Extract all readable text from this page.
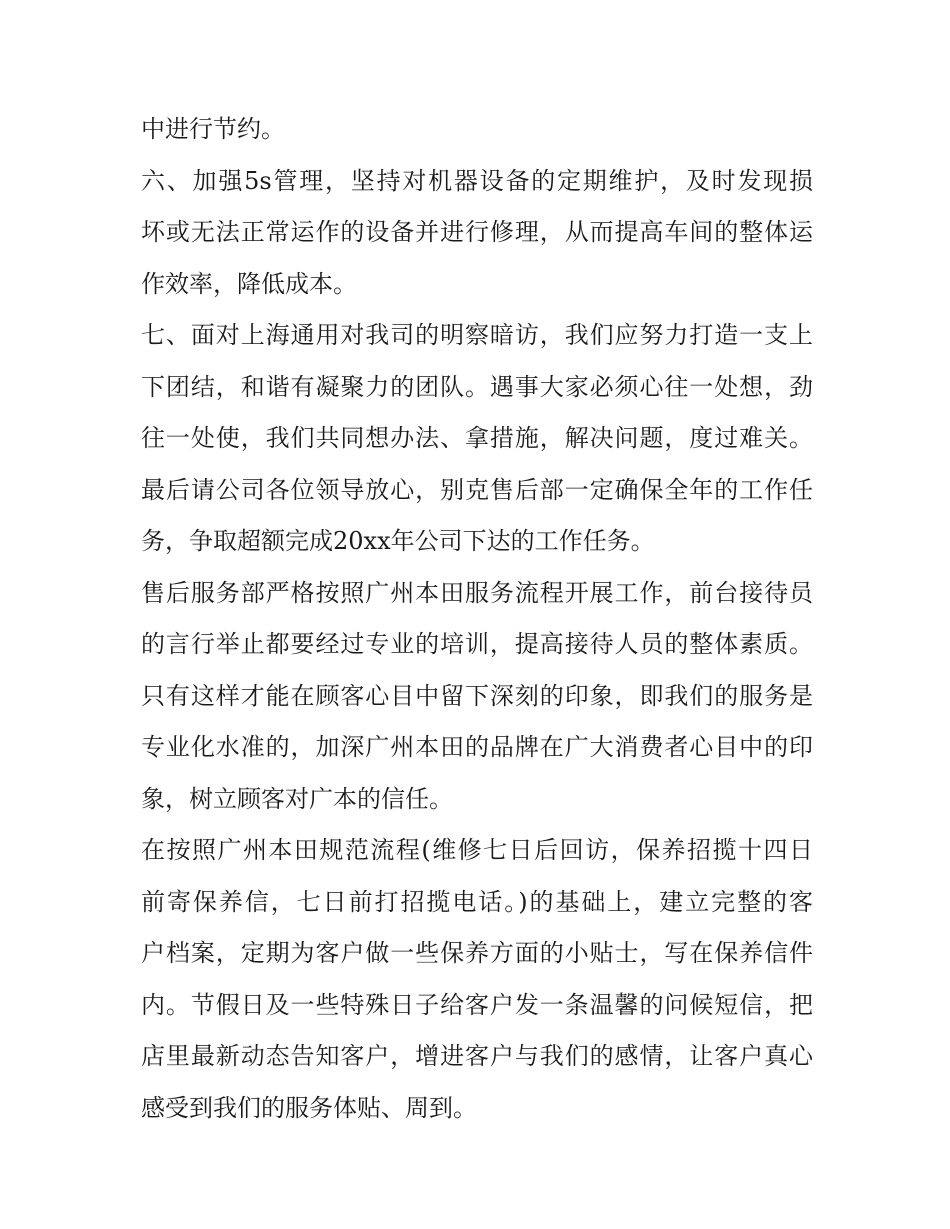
中进行节约。
六、加强5s管理，坚持对机器设备的定期维护，及时发现损
坏或无法正常运作的设备并进行修理，从而提高车间的整体运
作效率，降低成本。
七、面对上海通用对我司的明察暗访，我们应努力打造一支上
下团结，和谐有凝聚力的团队。遇事大家必须心往一处想，劲
往一处使，我们共同想办法、拿措施，解决问题，度过难关。
最后请公司各位领导放心，别克售后部一定确保全年的工作任
务，争取超额完成20xx年公司下达的工作任务。
售后服务部严格按照广州本田服务流程开展工作，前台接待员
的言行举止都要经过专业的培训，提高接待人员的整体素质。
只有这样才能在顾客心目中留下深刻的印象，即我们的服务是
专业化水准的，加深广州本田的品牌在广大消费者心目中的印
象，树立顾客对广本的信任。
在按照广州本田规范流程(维修七日后回访，保养招揽十四日
前寄保养信，七日前打招揽电话。)的基础上，建立完整的客
户档案，定期为客户做一些保养方面的小贴士，写在保养信件
内。节假日及一些特殊日子给客户发一条温馨的问候短信，把
店里最新动态告知客户，增进客户与我们的感情，让客户真心
感受到我们的服务体贴、周到。
